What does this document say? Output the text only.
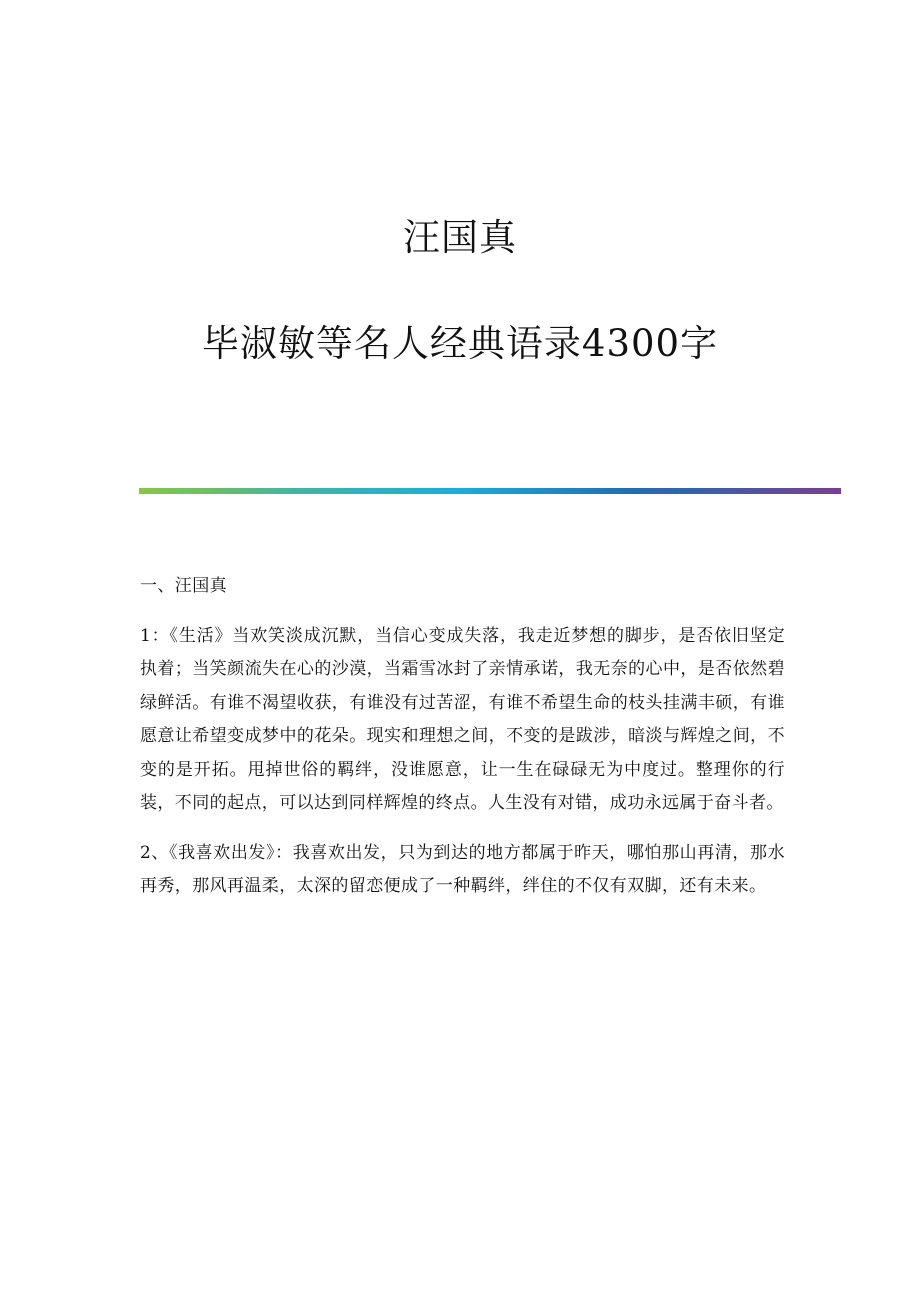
汪国真
毕淑敏等名人经典语录4300字

一、汪国真

1：《生活》当欢笑淡成沉默，当信心变成失落，我走近梦想的脚步，是否依旧坚定执着；当笑颜流失在心的沙漠，当霜雪冰封了亲情承诺，我无奈的心中，是否依然碧绿鲜活。有谁不渴望收获，有谁没有过苦涩，有谁不希望生命的枝头挂满丰硕，有谁愿意让希望变成梦中的花朵。现实和理想之间，不变的是跋涉，暗淡与辉煌之间，不变的是开拓。甩掉世俗的羁绊，没谁愿意，让一生在碌碌无为中度过。整理你的行装，不同的起点，可以达到同样辉煌的终点。人生没有对错，成功永远属于奋斗者。

2、《我喜欢出发》：我喜欢出发，只为到达的地方都属于昨天，哪怕那山再清，那水再秀，那风再温柔，太深的留恋便成了一种羁绊，绊住的不仅有双脚，还有未来。
